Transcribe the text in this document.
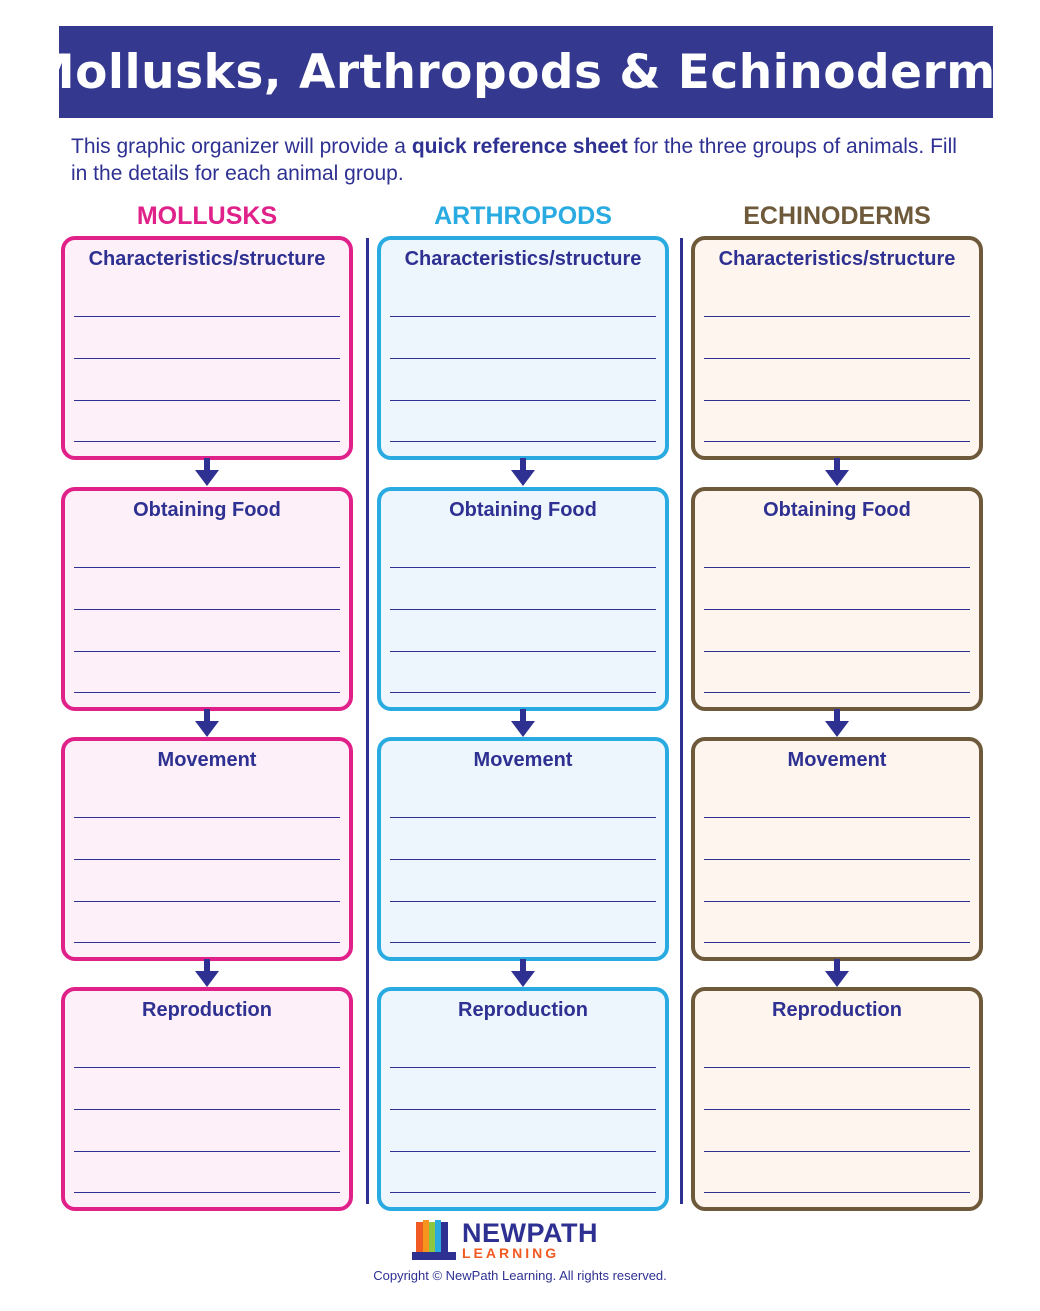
Mollusks, Arthropods & Echinoderms
This graphic organizer will provide a quick reference sheet for the three groups of animals. Fill in the details for each animal group.
MOLLUSKS
Characteristics/structure
Obtaining Food
Movement
Reproduction
ARTHROPODS
Characteristics/structure
Obtaining Food
Movement
Reproduction
ECHINODERMS
Characteristics/structure
Obtaining Food
Movement
Reproduction
NEWPATH
LEARNING
Copyright © NewPath Learning. All rights reserved.
